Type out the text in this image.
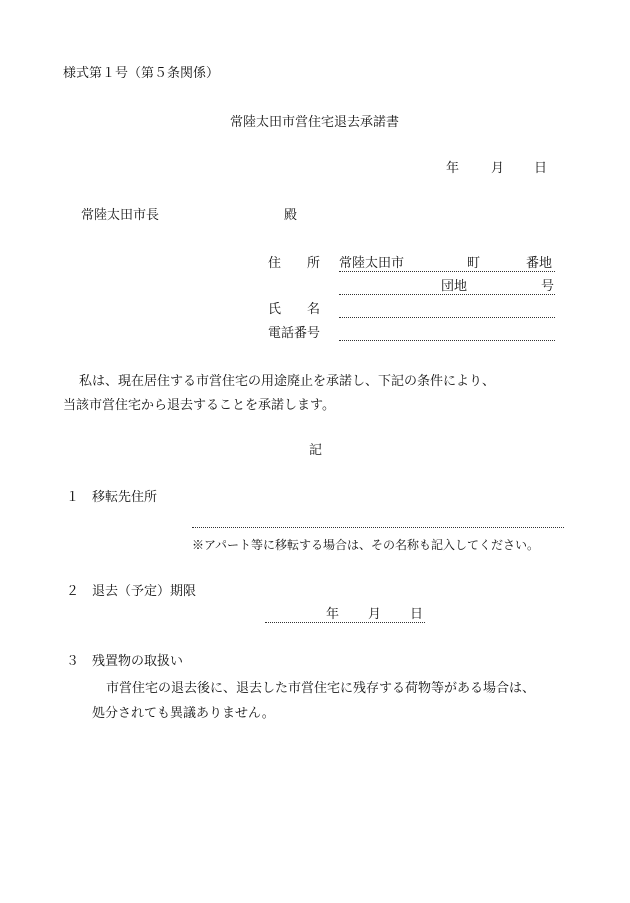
様式第１号（第５条関係）
常陸太田市営住宅退去承諾書
年 月 日
常陸太田市長	殿
住　　所 常陸太田市	町	番地
団地	号
氏　　名
電話番号
私は、現在居住する市営住宅の用途廃止を承諾し、下記の条件により、
当該市営住宅から退去することを承諾します。
記
１ 移転先住所
※アパート等に移転する場合は、その名称も記入してください。
２ 退去（予定）期限
年 月 日
３ 残置物の取扱い
市営住宅の退去後に、退去した市営住宅に残存する荷物等がある場合は、
処分されても異議ありません。
